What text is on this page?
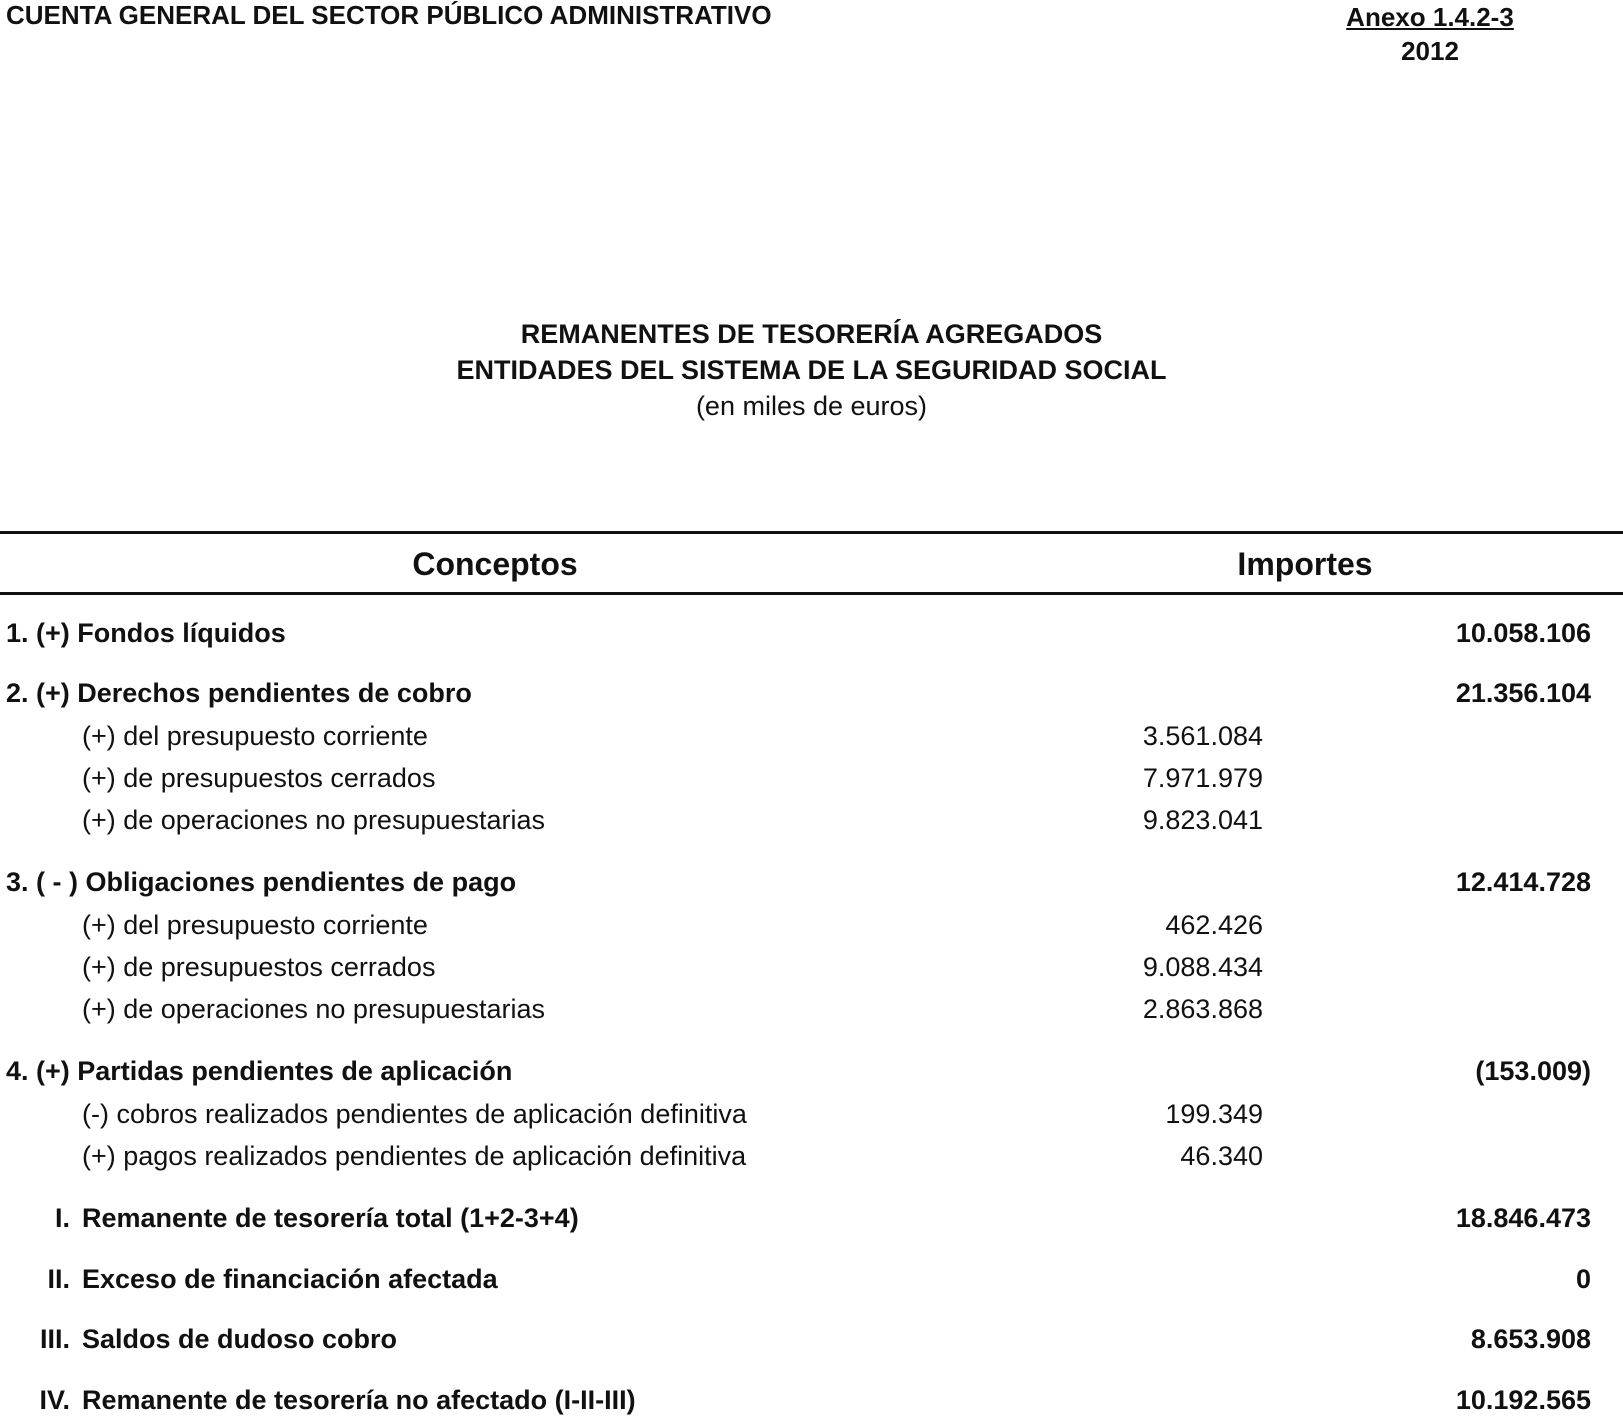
CUENTA GENERAL DEL SECTOR PÚBLICO ADMINISTRATIVO	Anexo 1.4.2-3
2012
REMANENTES DE TESORERÍA AGREGADOS
ENTIDADES DEL SISTEMA DE LA SEGURIDAD SOCIAL
(en miles de euros)
Conceptos	Importes
1. (+) Fondos líquidos	10.058.106
2. (+) Derechos pendientes de cobro	21.356.104
(+) del presupuesto corriente	3.561.084
(+) de presupuestos cerrados	7.971.979
(+) de operaciones no presupuestarias	9.823.041
3. ( - ) Obligaciones pendientes de pago	12.414.728
(+) del presupuesto corriente	462.426
(+) de presupuestos cerrados	9.088.434
(+) de operaciones no presupuestarias	2.863.868
4. (+) Partidas pendientes de aplicación	(153.009)
(-) cobros realizados pendientes de aplicación definitiva	199.349
(+) pagos realizados pendientes de aplicación definitiva	46.340
I. Remanente de tesorería total (1+2-3+4)	18.846.473
II. Exceso de financiación afectada	0
III. Saldos de dudoso cobro	8.653.908
IV. Remanente de tesorería no afectado (I-II-III)	10.192.565
